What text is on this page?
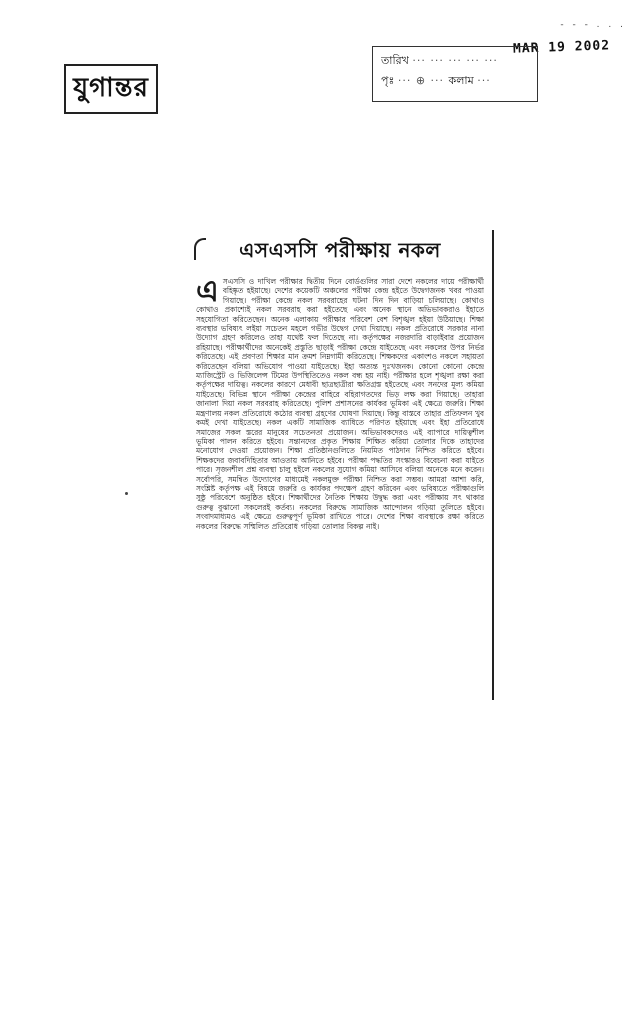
যুগান্তর
- - - . . .
MAR 19 2002
তারিখ ··· ··· ··· ··· ···
পৃঃ ··· ⊕ ··· কলাম ···
এসএসসি পরীক্ষায় নকল
এ সএসসি ও দাখিল পরীক্ষার দ্বিতীয় দিনে বোর্ডগুলির সারা দেশে নকলের দায়ে পরীক্ষার্থী বহিষ্কৃত হইয়াছে। দেশের কয়েকটি অঞ্চলের পরীক্ষা কেন্দ্র হইতে উদ্বেগজনক খবর পাওয়া গিয়াছে। পরীক্ষা কেন্দ্রে নকল সরবরাহের ঘটনা দিন দিন বাড়িয়া চলিয়াছে। কোথাও কোথাও প্রকাশ্যেই নকল সরবরাহ করা হইতেছে এবং অনেক স্থানে অভিভাবকরাও ইহাতে সহযোগিতা করিতেছেন। অনেক এলাকায় পরীক্ষার পরিবেশ বেশ বিশৃঙ্খল হইয়া উঠিয়াছে। শিক্ষা ব্যবস্থার ভবিষ্যৎ লইয়া সচেতন মহলে গভীর উদ্বেগ দেখা দিয়াছে। নকল প্রতিরোধে সরকার নানা উদ্যোগ গ্রহণ করিলেও তাহা যথেষ্ট ফল দিতেছে না। কর্তৃপক্ষের নজরদারি বাড়াইবার প্রয়োজন রহিয়াছে। পরীক্ষার্থীদের অনেকেই প্রস্তুতি ছাড়াই পরীক্ষা কেন্দ্রে যাইতেছে এবং নকলের উপর নির্ভর করিতেছে। এই প্রবণতা শিক্ষার মান ক্রমশ নিম্নগামী করিতেছে। শিক্ষকদের একাংশও নকলে সহায়তা করিতেছেন বলিয়া অভিযোগ পাওয়া যাইতেছে। ইহা অত্যন্ত দুঃখজনক। কোনো কোনো কেন্দ্রে ম্যাজিস্ট্রেট ও ভিজিলেন্স টিমের উপস্থিতিতেও নকল বন্ধ হয় নাই। পরীক্ষার হলে শৃঙ্খলা রক্ষা করা কর্তৃপক্ষের দায়িত্ব। নকলের কারণে মেধাবী ছাত্রছাত্রীরা ক্ষতিগ্রস্ত হইতেছে এবং সনদের মূল্য কমিয়া যাইতেছে। বিভিন্ন স্থানে পরীক্ষা কেন্দ্রের বাহিরে বহিরাগতদের ভিড় লক্ষ করা গিয়াছে। তাহারা জানালা দিয়া নকল সরবরাহ করিতেছে। পুলিশ প্রশাসনের কার্যকর ভূমিকা এই ক্ষেত্রে জরুরি। শিক্ষা মন্ত্রণালয় নকল প্রতিরোধে কঠোর ব্যবস্থা গ্রহণের ঘোষণা দিয়াছে। কিন্তু বাস্তবে তাহার প্রতিফলন খুব কমই দেখা যাইতেছে। নকল একটি সামাজিক ব্যাধিতে পরিণত হইয়াছে এবং ইহা প্রতিরোধে সমাজের সকল স্তরের মানুষের সচেতনতা প্রয়োজন। অভিভাবকদেরও এই ব্যাপারে দায়িত্বশীল ভূমিকা পালন করিতে হইবে। সন্তানদের প্রকৃত শিক্ষায় শিক্ষিত করিয়া তোলার দিকে তাহাদের মনোযোগ দেওয়া প্রয়োজন। শিক্ষা প্রতিষ্ঠানগুলিতে নিয়মিত পাঠদান নিশ্চিত করিতে হইবে। শিক্ষকদের জবাবদিহিতার আওতায় আনিতে হইবে। পরীক্ষা পদ্ধতির সংস্কারও বিবেচনা করা যাইতে পারে। সৃজনশীল প্রশ্ন ব্যবস্থা চালু হইলে নকলের সুযোগ কমিয়া আসিবে বলিয়া অনেকে মনে করেন। সর্বোপরি, সমন্বিত উদ্যোগের মাধ্যমেই নকলমুক্ত পরীক্ষা নিশ্চিত করা সম্ভব। আমরা আশা করি, সংশ্লিষ্ট কর্তৃপক্ষ এই বিষয়ে জরুরি ও কার্যকর পদক্ষেপ গ্রহণ করিবেন এবং ভবিষ্যতে পরীক্ষাগুলি সুষ্ঠু পরিবেশে অনুষ্ঠিত হইবে। শিক্ষার্থীদের নৈতিক শিক্ষায় উদ্বুদ্ধ করা এবং পরীক্ষায় সৎ থাকার গুরুত্ব বুঝানো সকলেরই কর্তব্য। নকলের বিরুদ্ধে সামাজিক আন্দোলন গড়িয়া তুলিতে হইবে। সংবাদমাধ্যমও এই ক্ষেত্রে গুরুত্বপূর্ণ ভূমিকা রাখিতে পারে। দেশের শিক্ষা ব্যবস্থাকে রক্ষা করিতে নকলের বিরুদ্ধে সম্মিলিত প্রতিরোধ গড়িয়া তোলার বিকল্প নাই।
